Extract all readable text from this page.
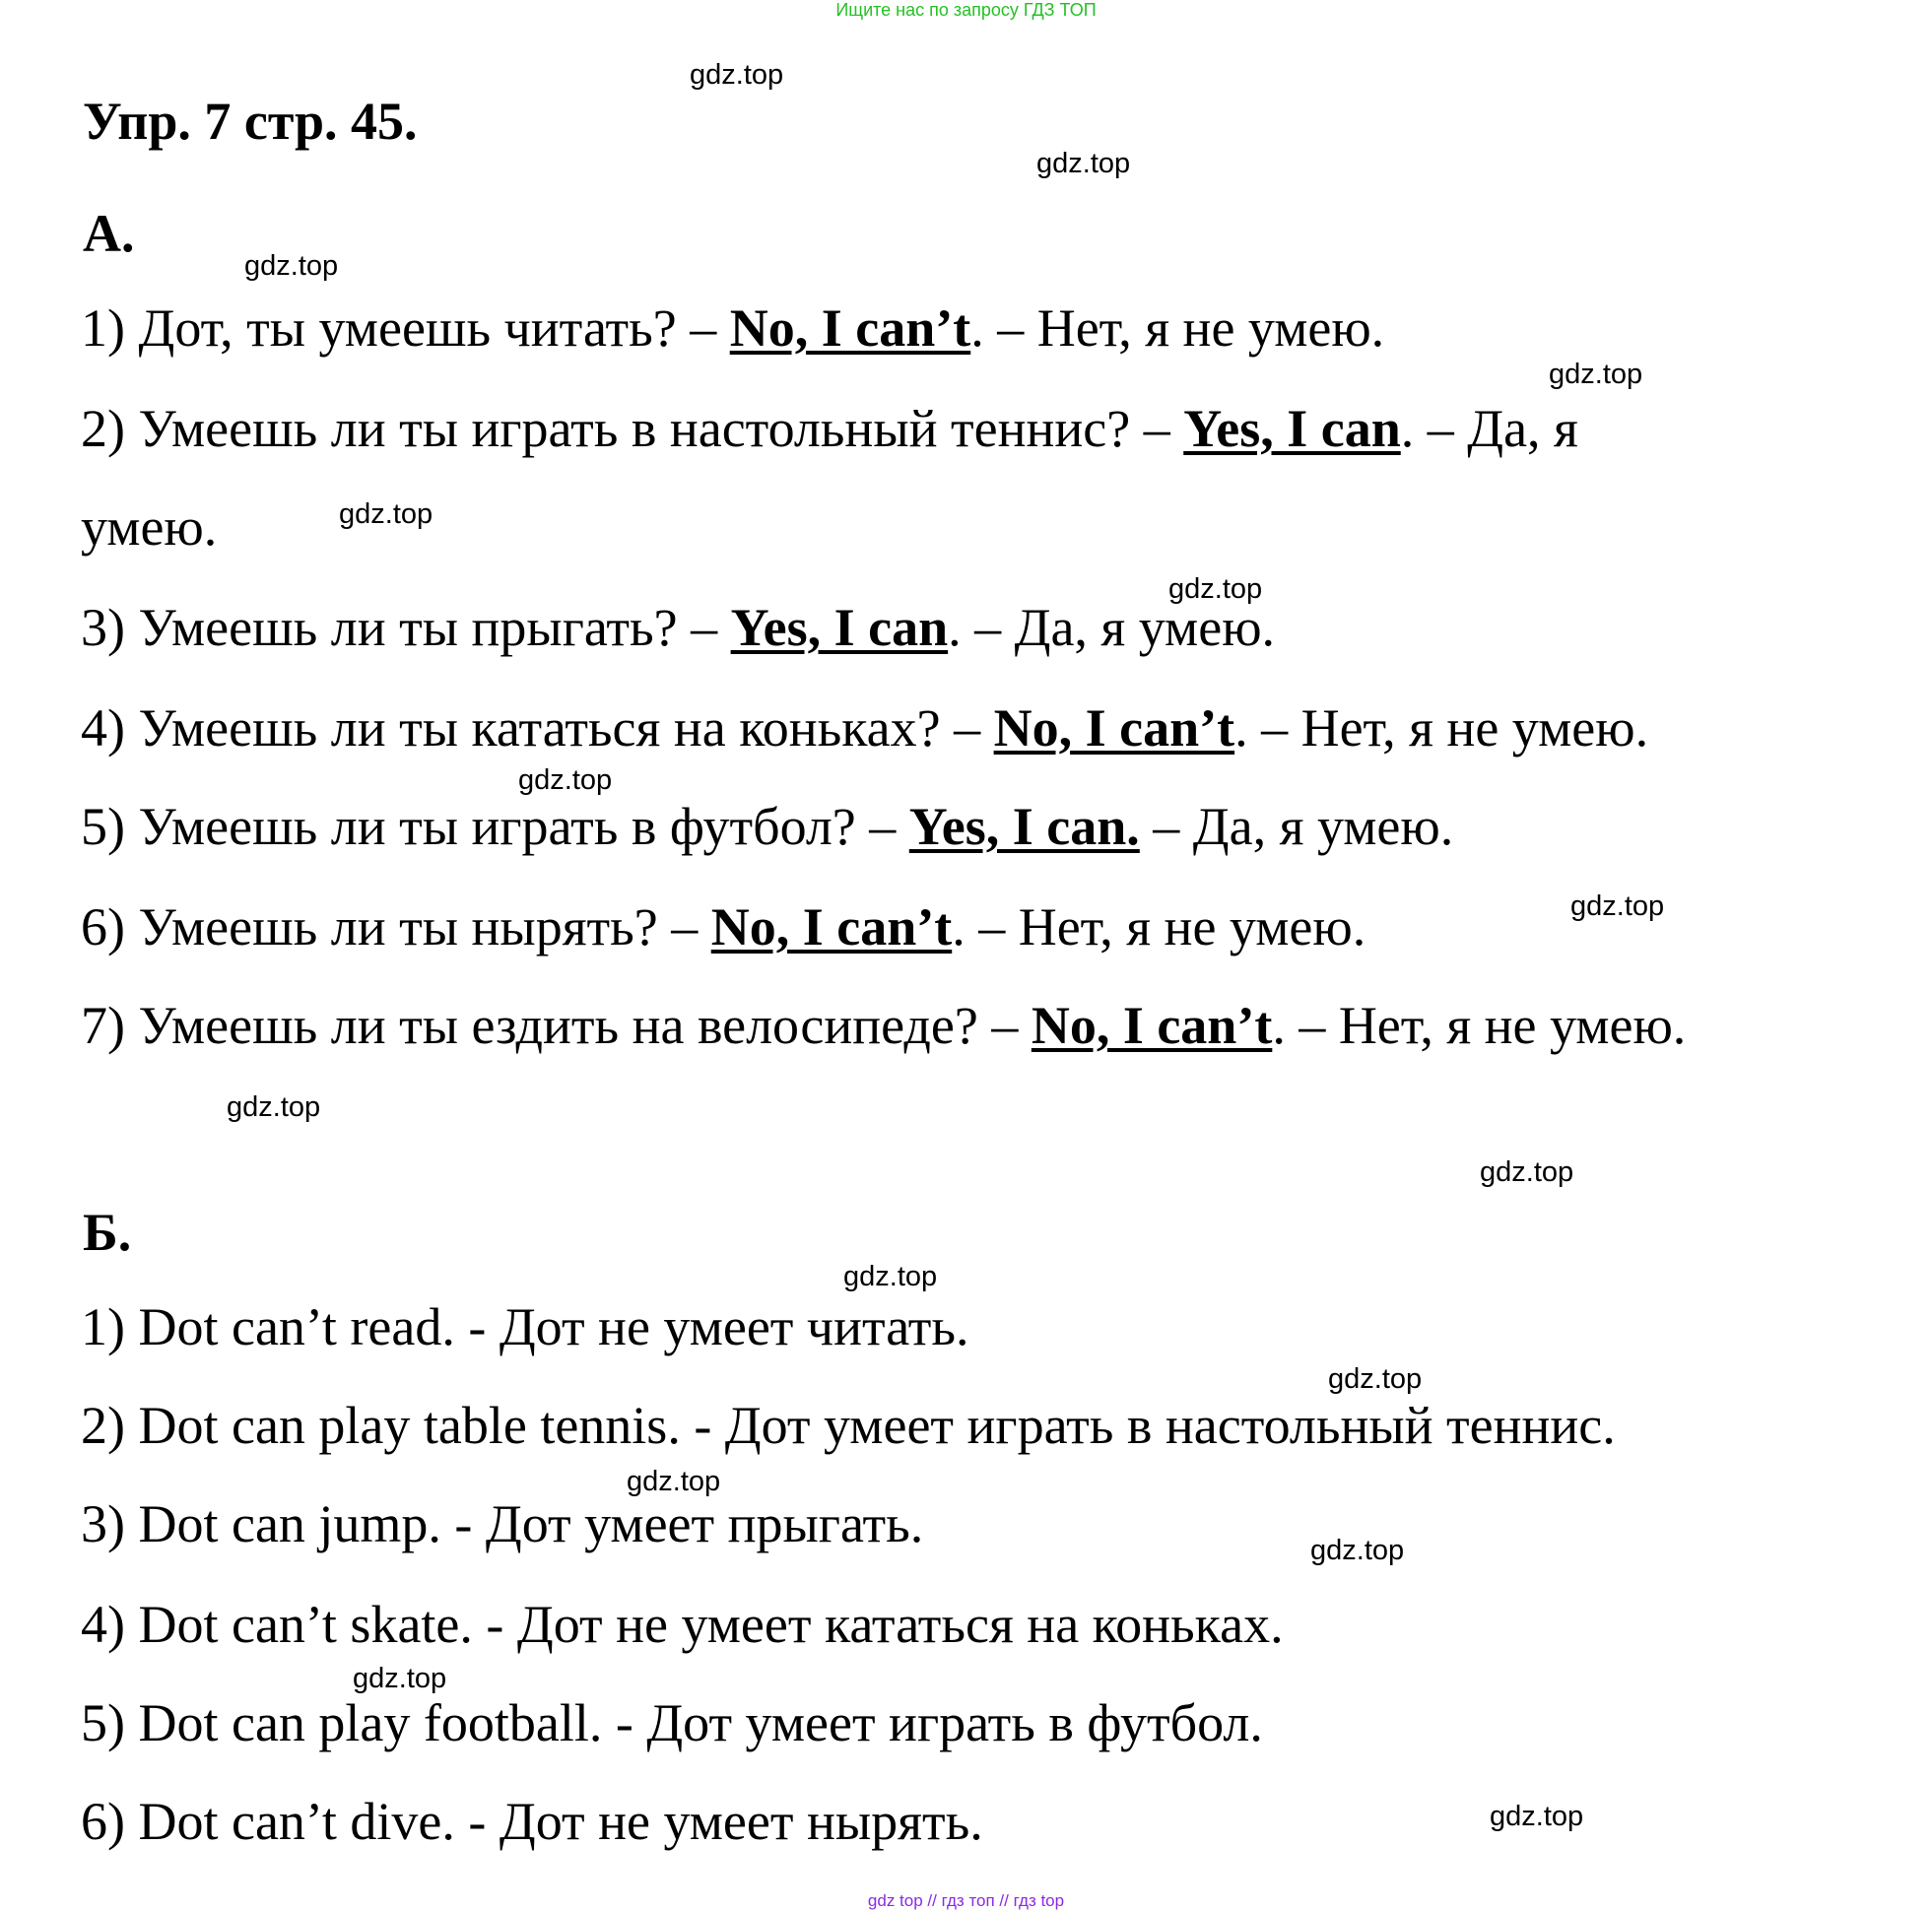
Ищите нас по запросу ГДЗ ТОП
Упр. 7 стр. 45.
А.
1) Дот, ты умеешь читать? – No, I can’t. – Нет, я не умею.
2) Умеешь ли ты играть в настольный теннис? – Yes, I can. – Да, я
умею.
3) Умеешь ли ты прыгать? – Yes, I can. – Да, я умею.
4) Умеешь ли ты кататься на коньках? – No, I can’t. – Нет, я не умею.
5) Умеешь ли ты играть в футбол? – Yes, I can. – Да, я умею.
6) Умеешь ли ты нырять? – No, I can’t. – Нет, я не умею.
7) Умеешь ли ты ездить на велосипеде? – No, I can’t. – Нет, я не умею.
Б.
1) Dot can’t read. - Дот не умеет читать.
2) Dot can play table tennis. - Дот умеет играть в настольный теннис.
3) Dot can jump. - Дот умеет прыгать.
4) Dot can’t skate. - Дот не умеет кататься на коньках.
5) Dot can play football. - Дот умеет играть в футбол.
6) Dot can’t dive. - Дот не умеет нырять.
gdz.top
gdz.top
gdz.top
gdz.top
gdz.top
gdz.top
gdz.top
gdz.top
gdz.top
gdz.top
gdz.top
gdz.top
gdz.top
gdz.top
gdz.top
gdz.top
gdz top // гдз топ // гдз top
